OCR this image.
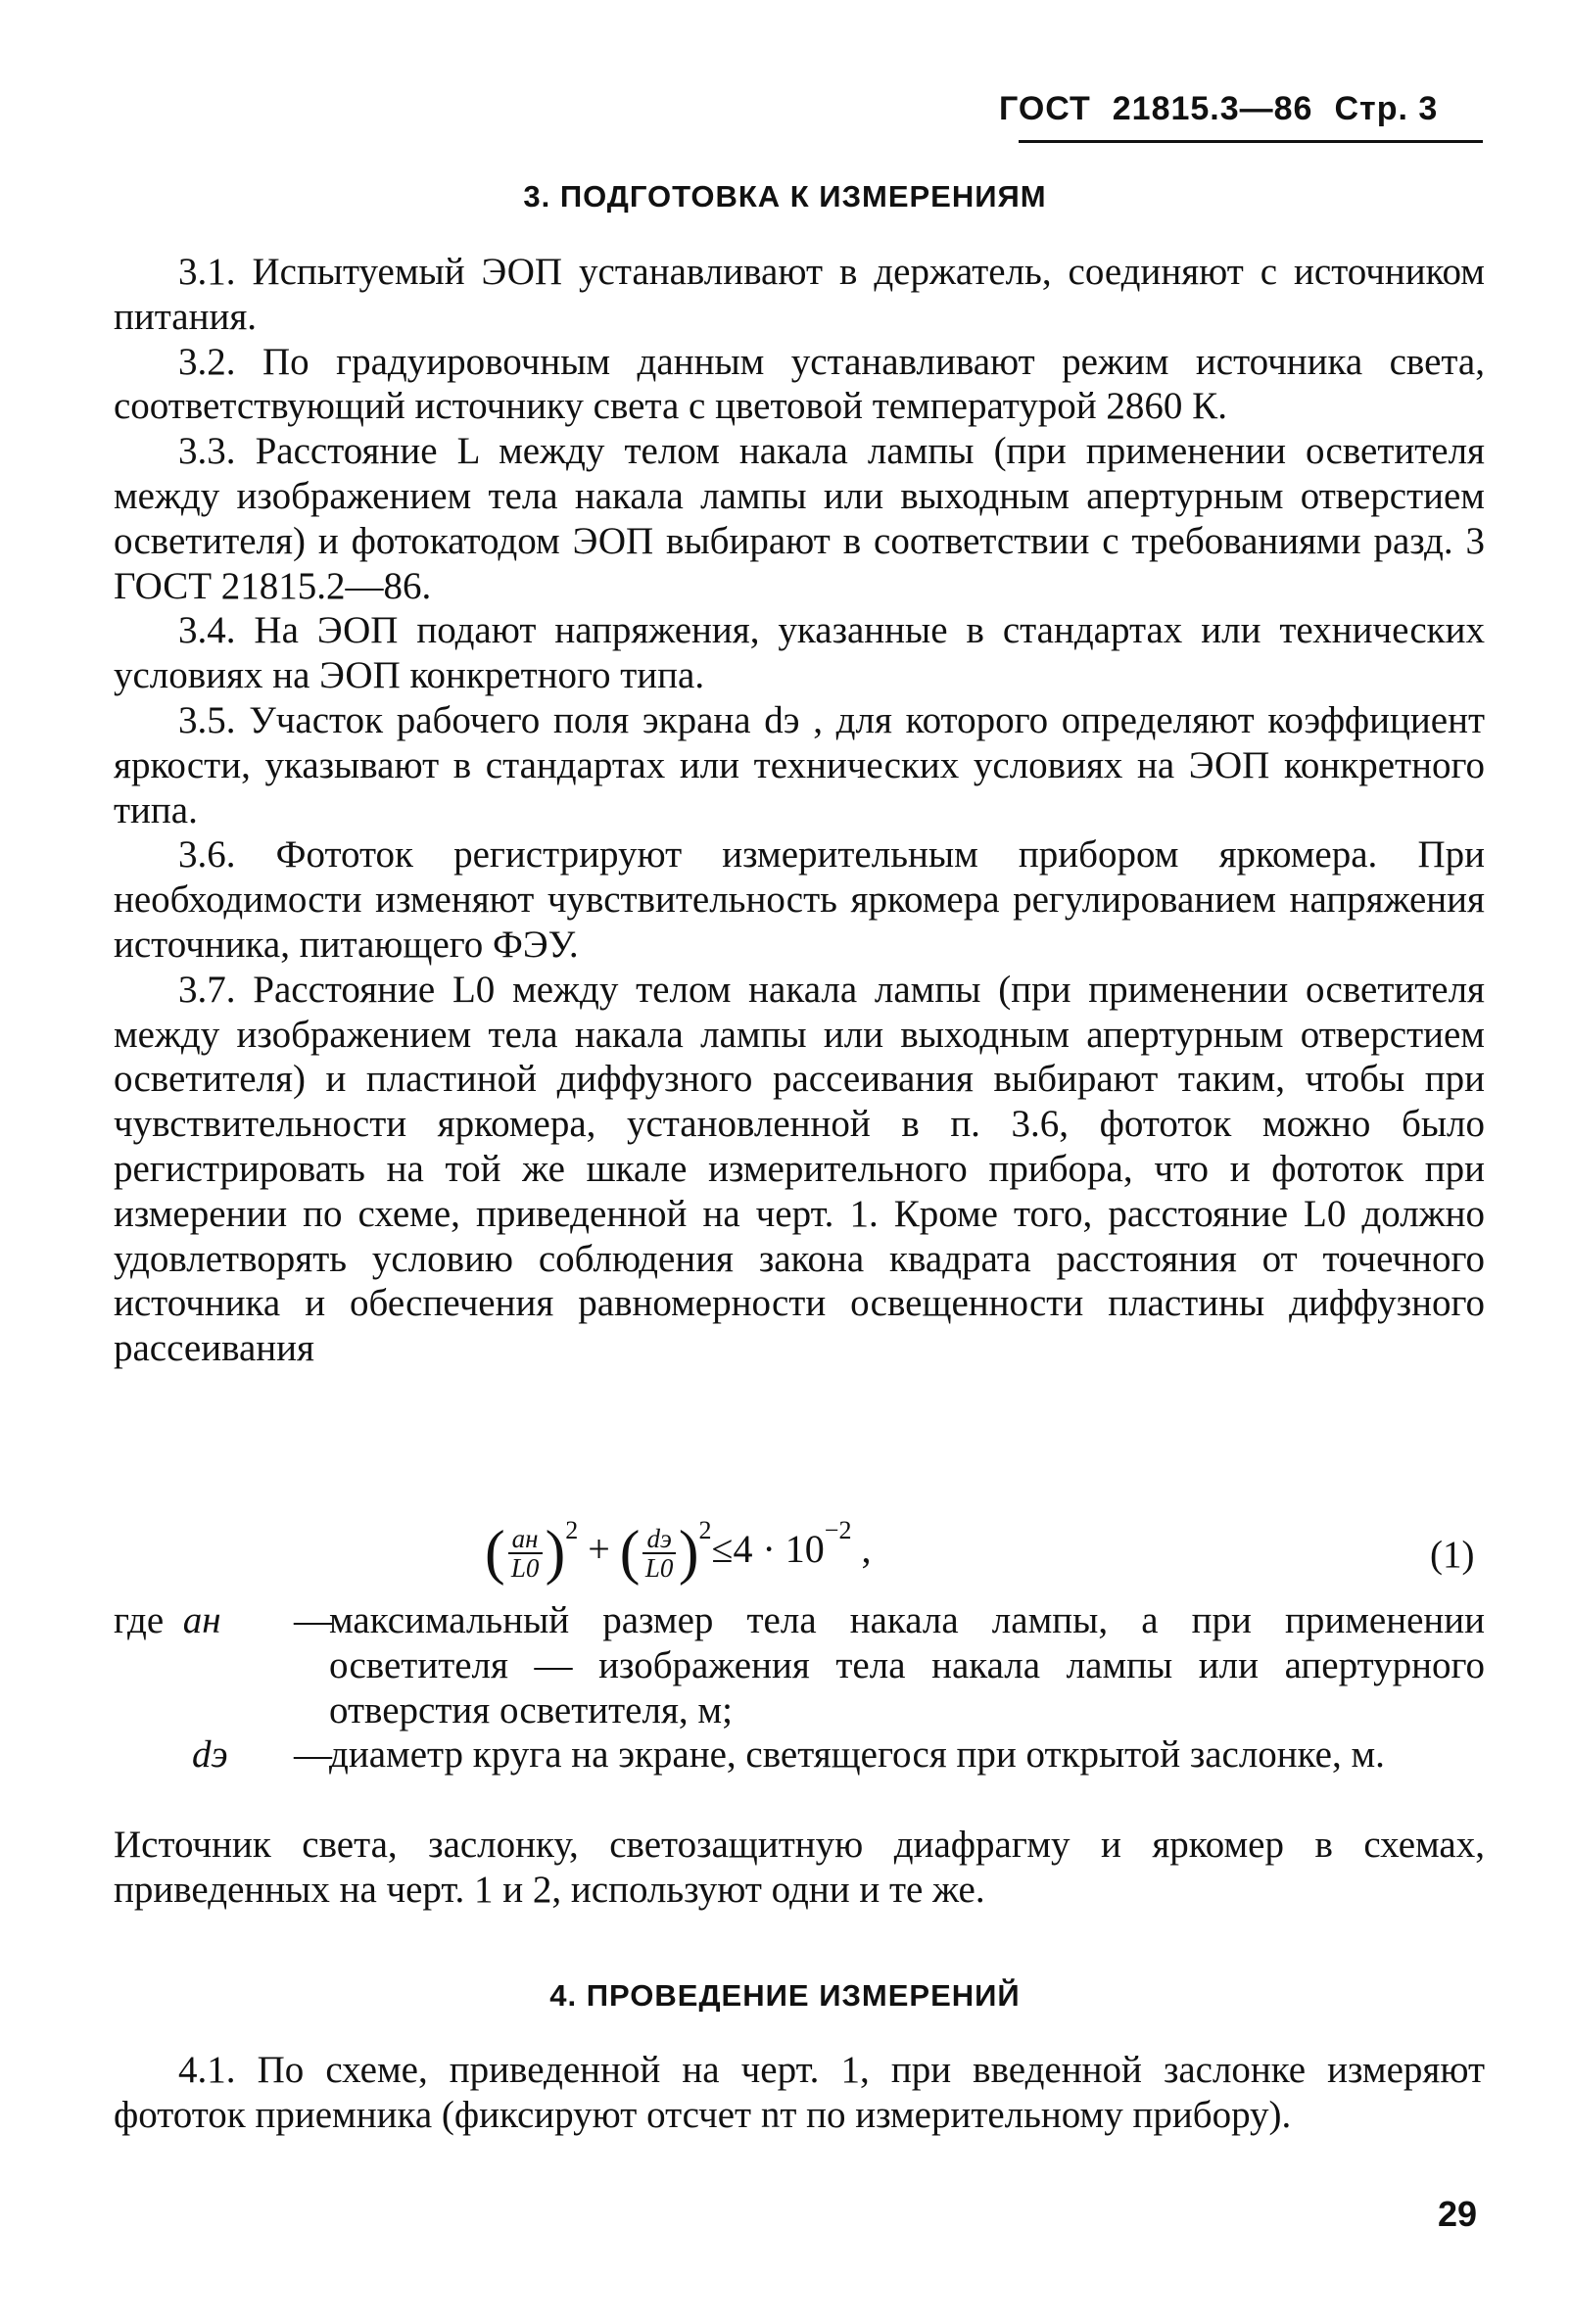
ГОСТ 21815.3—86 Стр. 3
3. ПОДГОТОВКА К ИЗМЕРЕНИЯМ

3.1. Испытуемый ЭОП устанавливают в держатель, соединяют с источником питания.

3.2. По градуировочным данным устанавливают режим источника света, соответствующий источнику света с цветовой температурой 2860 К.

3.3. Расстояние L между телом накала лампы (при применении осветителя между изображением тела накала лампы или выходным апертурным отверстием осветителя) и фотокатодом ЭОП выбирают в соответствии с требованиями разд. 3 ГОСТ 21815.2—86.

3.4. На ЭОП подают напряжения, указанные в стандартах или технических условиях на ЭОП конкретного типа.

3.5. Участок рабочего поля экрана dэ , для которого определяют коэффициент яркости, указывают в стандартах или технических условиях на ЭОП конкретного типа.

3.6. Фототок регистрируют измерительным прибором яркомера. При необходимости изменяют чувствительность яркомера регулированием напряжения источника, питающего ФЭУ.

3.7. Расстояние L0 между телом накала лампы (при применении осветителя между изображением тела накала лампы или выходным апертурным отверстием осветителя) и пластиной диффузного рассеивания выбирают таким, чтобы при чувствительности яркомера, установленной в п. 3.6, фототок можно было регистрировать на той же шкале измерительного прибора, что и фототок при измерении по схеме, приведенной на черт. 1. Кроме того, расстояние L0 должно удовлетворять условию соблюдения закона квадрата расстояния от точечного источника и обеспечения равномерности освещенности пластины диффузного рассеивания

( $\frac{aн}{L0} )^2$ + ( $\frac{dэ}{L0} )^2\le 4 \cdot 10^{-2}$ ,	(1)
где aн —максимальный размер тела накала лампы, а при применении осветителя — изображения тела накала лампы или апертурного отверстия осветителя, м;
dэ —диаметр круга на экране, светящегося при открытой заслонке, м.

Источник света, заслонку, светозащитную диафрагму и яркомер в схемах, приведенных на черт. 1 и 2, используют одни и те же.

4. ПРОВЕДЕНИЕ ИЗМЕРЕНИЙ

4.1. По схеме, приведенной на черт. 1, при введенной заслонке измеряют фототок приемника (фиксируют отсчет nт по измерительному прибору).

29
